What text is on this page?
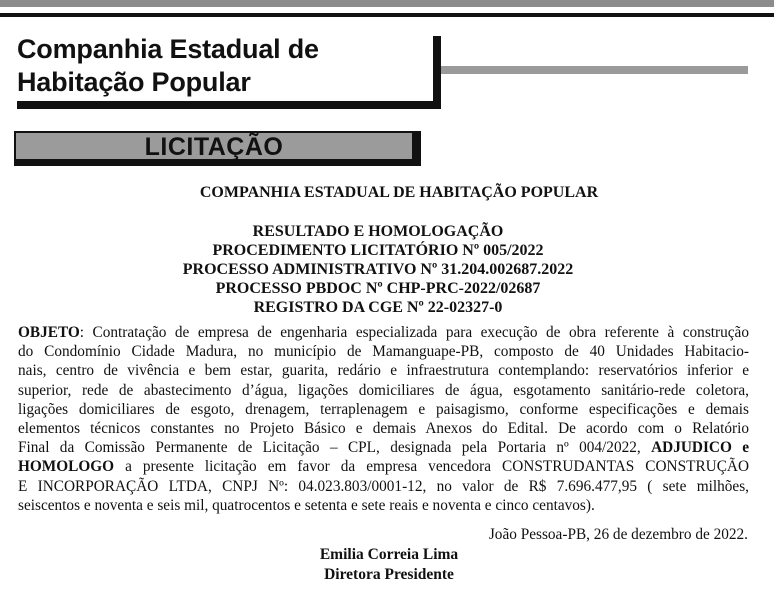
Companhia Estadual de
Habitação Popular
LICITAÇÃO
COMPANHIA ESTADUAL DE HABITAÇÃO POPULAR
RESULTADO E HOMOLOGAÇÃO
PROCEDIMENTO LICITATÓRIO Nº 005/2022
PROCESSO ADMINISTRATIVO Nº 31.204.002687.2022
PROCESSO PBDOC Nº CHP-PRC-2022/02687
REGISTRO DA CGE Nº 22-02327-0
OBJETO: Contratação de empresa de engenharia especializada para execução de obra referente à construção
do Condomínio Cidade Madura, no município de Mamanguape-PB, composto de 40 Unidades Habitacio-
nais, centro de vivência e bem estar, guarita, redário e infraestrutura contemplando: reservatórios inferior e
superior, rede de abastecimento d’água, ligações domiciliares de água, esgotamento sanitário-rede coletora,
ligações domiciliares de esgoto, drenagem, terraplenagem e paisagismo, conforme especificações e demais
elementos técnicos constantes no Projeto Básico e demais Anexos do Edital. De acordo com o Relatório
Final da Comissão Permanente de Licitação – CPL, designada pela Portaria nº 004/2022, ADJUDICO e
HOMOLOGO a presente licitação em favor da empresa vencedora CONSTRUDANTAS CONSTRUÇÃO
E INCORPORAÇÃO LTDA, CNPJ Nº: 04.023.803/0001-12, no valor de R$ 7.696.477,95 ( sete milhões,
seiscentos e noventa e seis mil, quatrocentos e setenta e sete reais e noventa e cinco centavos).
João Pessoa-PB, 26 de dezembro de 2022.
Emilia Correia Lima
Diretora Presidente
